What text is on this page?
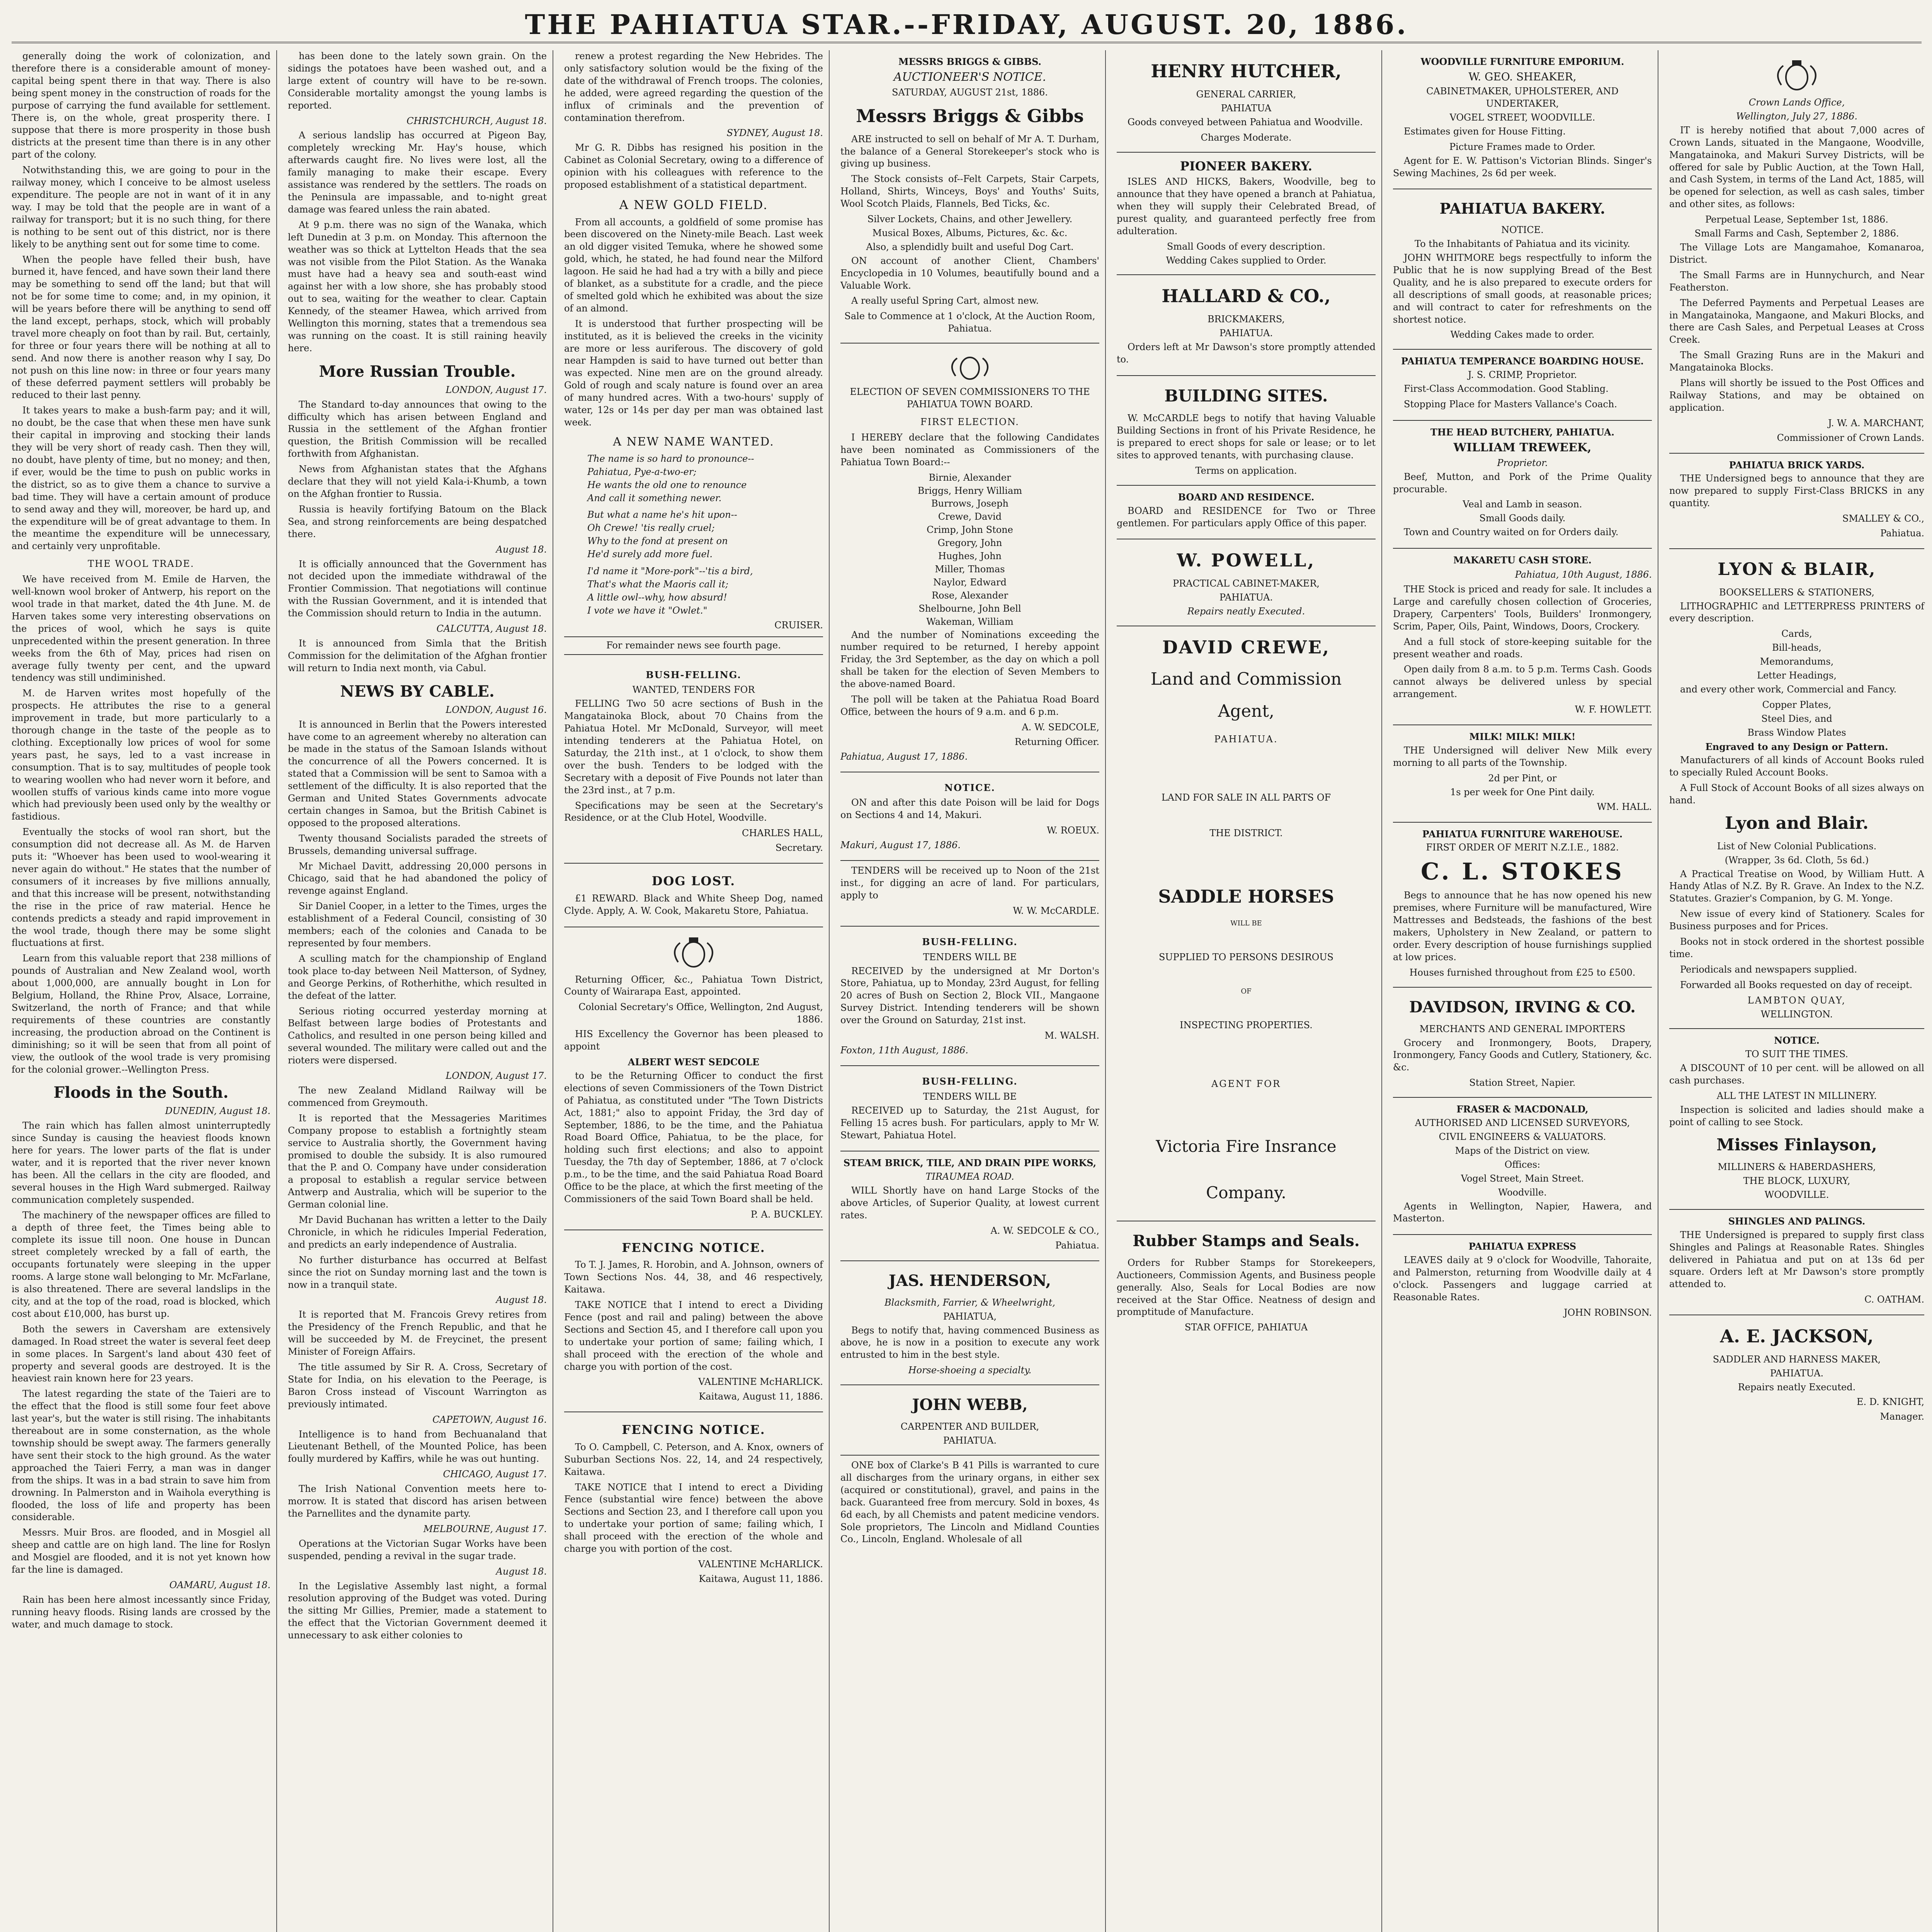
THE PAHIATUA STAR.--FRIDAY, AUGUST. 20, 1886.

generally doing the work of colonization, and therefore there is a considerable amount of money-capital being spent there in that way. There is also being spent money in the construction of roads for the purpose of carrying the fund available for settlement. There is, on the whole, great prosperity there. I suppose that there is more prosperity in those bush districts at the present time than there is in any other part of the colony.

Notwithstanding this, we are going to pour in the railway money, which I conceive to be almost useless expenditure. The people are not in want of it in any way. I may be told that the people are in want of a railway for transport; but it is no such thing, for there is nothing to be sent out of this district, nor is there likely to be anything sent out for some time to come.

When the people have felled their bush, have burned it, have fenced, and have sown their land there may be something to send off the land; but that will not be for some time to come; and, in my opinion, it will be years before there will be anything to send off the land except, perhaps, stock, which will probably travel more cheaply on foot than by rail. But, certainly, for three or four years there will be nothing at all to send. And now there is another reason why I say, Do not push on this line now: in three or four years many of these deferred payment settlers will probably be reduced to their last penny.

It takes years to make a bush-farm pay; and it will, no doubt, be the case that when these men have sunk their capital in improving and stocking their lands they will be very short of ready cash. Then they will, no doubt, have plenty of time, but no money; and then, if ever, would be the time to push on public works in the district, so as to give them a chance to survive a bad time. They will have a certain amount of produce to send away and they will, moreover, be hard up, and the expenditure will be of great advantage to them. In the meantime the expenditure will be unnecessary, and certainly very unprofitable.

THE WOOL TRADE.

We have received from M. Emile de Harven, the well-known wool broker of Antwerp, his report on the wool trade in that market, dated the 4th June. M. de Harven takes some very interesting observations on the prices of wool, which he says is quite unprecedented within the present generation. In three weeks from the 6th of May, prices had risen on average fully twenty per cent, and the upward tendency was still undiminished.

M. de Harven writes most hopefully of the prospects. He attributes the rise to a general improvement in trade, but more particularly to a thorough change in the taste of the people as to clothing. Exceptionally low prices of wool for some years past, he says, led to a vast increase in consumption. That is to say, multitudes of people took to wearing woollen who had never worn it before, and woollen stuffs of various kinds came into more vogue which had previously been used only by the wealthy or fastidious.

Eventually the stocks of wool ran short, but the consumption did not decrease all. As M. de Harven puts it: "Whoever has been used to wool-wearing it never again do without." He states that the number of consumers of it increases by five millions annually, and that this increase will be present, notwithstanding the rise in the price of raw material. Hence he contends predicts a steady and rapid improvement in the wool trade, though there may be some slight fluctuations at first.

Learn from this valuable report that 238 millions of pounds of Australian and New Zealand wool, worth about 1,000,000, are annually bought in Lon for Belgium, Holland, the Rhine Prov, Alsace, Lorraine, Switzerland, the north of France; and that while requirements of these countries are constantly increasing, the production abroad on the Continent is diminishing; so it will be seen that from all point of view, the outlook of the wool trade is very promising for the colonial grower.--Wellington Press.

Floods in the South.
DUNEDIN, August 18.

The rain which has fallen almost uninterruptedly since Sunday is causing the heaviest floods known here for years. The lower parts of the flat is under water, and it is reported that the river never known has been. All the cellars in the city are flooded, and several houses in the High Ward submerged. Railway communication completely suspended.

The machinery of the newspaper offices are filled to a depth of three feet, the Times being able to complete its issue till noon. One house in Duncan street completely wrecked by a fall of earth, the occupants fortunately were sleeping in the upper rooms. A large stone wall belonging to Mr. McFarlane, is also threatened. There are several landslips in the city, and at the top of the road, road is blocked, which cost about £10,000, has burst up.

Both the sewers in Caversham are extensively damaged. In Road street the water is several feet deep in some places. In Sargent's land about 430 feet of property and several goods are destroyed. It is the heaviest rain known here for 23 years.

The latest regarding the state of the Taieri are to the effect that the flood is still some four feet above last year's, but the water is still rising. The inhabitants thereabout are in some consternation, as the whole township should be swept away. The farmers generally have sent their stock to the high ground. As the water approached the Taieri Ferry, a man was in danger from the ships. It was in a bad strain to save him from drowning. In Palmerston and in Waihola everything is flooded, the loss of life and property has been considerable.

Messrs. Muir Bros. are flooded, and in Mosgiel all sheep and cattle are on high land. The line for Roslyn and Mosgiel are flooded, and it is not yet known how far the line is damaged.

OAMARU, August 18.

Rain has been here almost incessantly since Friday, running heavy floods. Rising lands are crossed by the water, and much damage to stock.

has been done to the lately sown grain. On the sidings the potatoes have been washed out, and a large extent of country will have to be re-sown. Considerable mortality amongst the young lambs is reported.

CHRISTCHURCH, August 18.

A serious landslip has occurred at Pigeon Bay, completely wrecking Mr. Hay's house, which afterwards caught fire. No lives were lost, all the family managing to make their escape. Every assistance was rendered by the settlers. The roads on the Peninsula are impassable, and to-night great damage was feared unless the rain abated.

At 9 p.m. there was no sign of the Wanaka, which left Dunedin at 3 p.m. on Monday. This afternoon the weather was so thick at Lyttelton Heads that the sea was not visible from the Pilot Station. As the Wanaka must have had a heavy sea and south-east wind against her with a low shore, she has probably stood out to sea, waiting for the weather to clear. Captain Kennedy, of the steamer Hawea, which arrived from Wellington this morning, states that a tremendous sea was running on the coast. It is still raining heavily here.

More Russian Trouble.
LONDON, August 17.

The Standard to-day announces that owing to the difficulty which has arisen between England and Russia in the settlement of the Afghan frontier question, the British Commission will be recalled forthwith from Afghanistan.

News from Afghanistan states that the Afghans declare that they will not yield Kala-i-Khumb, a town on the Afghan frontier to Russia.

Russia is heavily fortifying Batoum on the Black Sea, and strong reinforcements are being despatched there.

August 18.

It is officially announced that the Government has not decided upon the immediate withdrawal of the Frontier Commission. That negotiations will continue with the Russian Government, and it is intended that the Commission should return to India in the autumn.

CALCUTTA, August 18.

It is announced from Simla that the British Commission for the delimitation of the Afghan frontier will return to India next month, via Cabul.

NEWS BY CABLE.
LONDON, August 16.

It is announced in Berlin that the Powers interested have come to an agreement whereby no alteration can be made in the status of the Samoan Islands without the concurrence of all the Powers concerned. It is stated that a Commission will be sent to Samoa with a settlement of the difficulty. It is also reported that the German and United States Governments advocate certain changes in Samoa, but the British Cabinet is opposed to the proposed alterations.

Twenty thousand Socialists paraded the streets of Brussels, demanding universal suffrage.

Mr Michael Davitt, addressing 20,000 persons in Chicago, said that he had abandoned the policy of revenge against England.

Sir Daniel Cooper, in a letter to the Times, urges the establishment of a Federal Council, consisting of 30 members; each of the colonies and Canada to be represented by four members.

A sculling match for the championship of England took place to-day between Neil Matterson, of Sydney, and George Perkins, of Rotherhithe, which resulted in the defeat of the latter.

Serious rioting occurred yesterday morning at Belfast between large bodies of Protestants and Catholics, and resulted in one person being killed and several wounded. The military were called out and the rioters were dispersed.

LONDON, August 17.

The new Zealand Midland Railway will be commenced from Greymouth.

It is reported that the Messageries Maritimes Company propose to establish a fortnightly steam service to Australia shortly, the Government having promised to double the subsidy. It is also rumoured that the P. and O. Company have under consideration a proposal to establish a regular service between Antwerp and Australia, which will be superior to the German colonial line.

Mr David Buchanan has written a letter to the Daily Chronicle, in which he ridicules Imperial Federation, and predicts an early independence of Australia.

No further disturbance has occurred at Belfast since the riot on Sunday morning last and the town is now in a tranquil state.

August 18.

It is reported that M. Francois Grevy retires from the Presidency of the French Republic, and that he will be succeeded by M. de Freycinet, the present Minister of Foreign Affairs.

The title assumed by Sir R. A. Cross, Secretary of State for India, on his elevation to the Peerage, is Baron Cross instead of Viscount Warrington as previously intimated.

CAPETOWN, August 16.

Intelligence is to hand from Bechuanaland that Lieutenant Bethell, of the Mounted Police, has been foully murdered by Kaffirs, while he was out hunting.

CHICAGO, August 17.

The Irish National Convention meets here to-morrow. It is stated that discord has arisen between the Parnellites and the dynamite party.

MELBOURNE, August 17.

Operations at the Victorian Sugar Works have been suspended, pending a revival in the sugar trade.

August 18.

In the Legislative Assembly last night, a formal resolution approving of the Budget was voted. During the sitting Mr Gillies, Premier, made a statement to the effect that the Victorian Government deemed it unnecessary to ask either colonies to

renew a protest regarding the New Hebrides. The only satisfactory solution would be the fixing of the date of the withdrawal of French troops. The colonies, he added, were agreed regarding the question of the influx of criminals and the prevention of contamination therefrom.

SYDNEY, August 18.

Mr G. R. Dibbs has resigned his position in the Cabinet as Colonial Secretary, owing to a difference of opinion with his colleagues with reference to the proposed establishment of a statistical department.

A NEW GOLD FIELD.

From all accounts, a goldfield of some promise has been discovered on the Ninety-mile Beach. Last week an old digger visited Temuka, where he showed some gold, which, he stated, he had found near the Milford lagoon. He said he had had a try with a billy and piece of blanket, as a substitute for a cradle, and the piece of smelted gold which he exhibited was about the size of an almond.

It is understood that further prospecting will be instituted, as it is believed the creeks in the vicinity are more or less auriferous. The discovery of gold near Hampden is said to have turned out better than was expected. Nine men are on the ground already. Gold of rough and scaly nature is found over an area of many hundred acres. With a two-hours' supply of water, 12s or 14s per day per man was obtained last week.

A NEW NAME WANTED.
The name is so hard to pronounce--
Pahiatua, Pye-a-two-er;
He wants the old one to renounce
And call it something newer.
But what a name he's hit upon--
Oh Crewe! 'tis really cruel;
Why to the fond at present on
He'd surely add more fuel.
I'd name it "More-pork"--'tis a bird,
That's what the Maoris call it;
A little owl--why, how absurd!
I vote we have it "Owlet."
CRUISER.
For remainder news see fourth page.
BUSH-FELLING.
WANTED, TENDERS FOR

FELLING Two 50 acre sections of Bush in the Mangatainoka Block, about 70 Chains from the Pahiatua Hotel. Mr McDonald, Surveyor, will meet intending tenderers at the Pahiatua Hotel, on Saturday, the 21th inst., at 1 o'clock, to show them over the bush. Tenders to be lodged with the Secretary with a deposit of Five Pounds not later than the 23rd inst., at 7 p.m.

Specifications may be seen at the Secretary's Residence, or at the Club Hotel, Woodville.

CHARLES HALL,
Secretary.
DOG LOST.

£1 REWARD. Black and White Sheep Dog, named Clyde. Apply, A. W. Cook, Makaretu Store, Pahiatua.

Returning Officer, &c., Pahiatua Town District, County of Wairarapa East, appointed.

Colonial Secretary's Office, Wellington, 2nd August, 1886.

HIS Excellency the Governor has been pleased to appoint

ALBERT WEST SEDCOLE

to be the Returning Officer to conduct the first elections of seven Commissioners of the Town District of Pahiatua, as constituted under "The Town Districts Act, 1881;" also to appoint Friday, the 3rd day of September, 1886, to be the time, and the Pahiatua Road Board Office, Pahiatua, to be the place, for holding such first elections; and also to appoint Tuesday, the 7th day of September, 1886, at 7 o'clock p.m., to be the time, and the said Pahiatua Road Board Office to be the place, at which the first meeting of the Commissioners of the said Town Board shall be held.

P. A. BUCKLEY.
FENCING NOTICE.

To T. J. James, R. Horobin, and A. Johnson, owners of Town Sections Nos. 44, 38, and 46 respectively, Kaitawa.

TAKE NOTICE that I intend to erect a Dividing Fence (post and rail and paling) between the above Sections and Section 45, and I therefore call upon you to undertake your portion of same; failing which, I shall proceed with the erection of the whole and charge you with portion of the cost.

VALENTINE McHARLICK.
Kaitawa, August 11, 1886.
FENCING NOTICE.

To O. Campbell, C. Peterson, and A. Knox, owners of Suburban Sections Nos. 22, 14, and 24 respectively, Kaitawa.

TAKE NOTICE that I intend to erect a Dividing Fence (substantial wire fence) between the above Sections and Section 23, and I therefore call upon you to undertake your portion of same; failing which, I shall proceed with the erection of the whole and charge you with portion of the cost.

VALENTINE McHARLICK.
Kaitawa, August 11, 1886.
MESSRS BRIGGS & GIBBS.
AUCTIONEER'S NOTICE.
SATURDAY, AUGUST 21st, 1886.
Messrs Briggs & Gibbs

ARE instructed to sell on behalf of Mr A. T. Durham, the balance of a General Storekeeper's stock who is giving up business.

The Stock consists of--Felt Carpets, Stair Carpets, Holland, Shirts, Winceys, Boys' and Youths' Suits, Wool Scotch Plaids, Flannels, Bed Ticks, &c.

Silver Lockets, Chains, and other Jewellery.
Musical Boxes, Albums, Pictures, &c. &c.
Also, a splendidly built and useful Dog Cart.

ON account of another Client, Chambers' Encyclopedia in 10 Volumes, beautifully bound and a Valuable Work.

A really useful Spring Cart, almost new.

Sale to Commence at 1 o'clock, At the Auction Room, Pahiatua.
ELECTION OF SEVEN COMMISSIONERS TO THE PAHIATUA TOWN BOARD.
FIRST ELECTION.

I HEREBY declare that the following Candidates have been nominated as Commissioners of the Pahiatua Town Board:--

Birnie, Alexander
Briggs, Henry William
Burrows, Joseph
Crewe, David
Crimp, John Stone
Gregory, John
Hughes, John
Miller, Thomas
Naylor, Edward
Rose, Alexander
Shelbourne, John Bell
Wakeman, William

And the number of Nominations exceeding the number required to be returned, I hereby appoint Friday, the 3rd September, as the day on which a poll shall be taken for the election of Seven Members to the above-named Board.

The poll will be taken at the Pahiatua Road Board Office, between the hours of 9 a.m. and 6 p.m.

A. W. SEDCOLE,
Returning Officer.
Pahiatua, August 17, 1886.
NOTICE.

ON and after this date Poison will be laid for Dogs on Sections 4 and 14, Makuri.

W. ROEUX.
Makuri, August 17, 1886.

TENDERS will be received up to Noon of the 21st inst., for digging an acre of land. For particulars, apply to

W. W. McCARDLE.
BUSH-FELLING.
TENDERS WILL BE

RECEIVED by the undersigned at Mr Dorton's Store, Pahiatua, up to Monday, 23rd August, for felling 20 acres of Bush on Section 2, Block VII., Mangaone Survey District. Intending tenderers will be shown over the Ground on Saturday, 21st inst.

M. WALSH.
Foxton, 11th August, 1886.
BUSH-FELLING.
TENDERS WILL BE

RECEIVED up to Saturday, the 21st August, for Felling 15 acres bush. For particulars, apply to Mr W. Stewart, Pahiatua Hotel.

STEAM BRICK, TILE, AND DRAIN PIPE WORKS,
TIRAUMEA ROAD.

WILL Shortly have on hand Large Stocks of the above Articles, of Superior Quality, at lowest current rates.

A. W. SEDCOLE & CO.,
Pahiatua.
JAS. HENDERSON,
Blacksmith, Farrier, & Wheelwright,
PAHIATUA,

Begs to notify that, having commenced Business as above, he is now in a position to execute any work entrusted to him in the best style.

Horse-shoeing a specialty.
JOHN WEBB,
CARPENTER AND BUILDER,
PAHIATUA.

ONE box of Clarke's B 41 Pills is warranted to cure all discharges from the urinary organs, in either sex (acquired or constitutional), gravel, and pains in the back. Guaranteed free from mercury. Sold in boxes, 4s 6d each, by all Chemists and patent medicine vendors. Sole proprietors, The Lincoln and Midland Counties Co., Lincoln, England. Wholesale of all

HENRY HUTCHER,
GENERAL CARRIER,
PAHIATUA

Goods conveyed between Pahiatua and Woodville.

Charges Moderate.
PIONEER BAKERY.

ISLES AND HICKS, Bakers, Woodville, beg to announce that they have opened a branch at Pahiatua, when they will supply their Celebrated Bread, of purest quality, and guaranteed perfectly free from adulteration.

Small Goods of every description.
Wedding Cakes supplied to Order.
HALLARD & CO.,
BRICKMAKERS,
PAHIATUA.

Orders left at Mr Dawson's store promptly attended to.

BUILDING SITES.

W. McCARDLE begs to notify that having Valuable Building Sections in front of his Private Residence, he is prepared to erect shops for sale or lease; or to let sites to approved tenants, with purchasing clause.

Terms on application.
BOARD AND RESIDENCE.

BOARD and RESIDENCE for Two or Three gentlemen. For particulars apply Office of this paper.

W. POWELL,
PRACTICAL CABINET-MAKER,
PAHIATUA.
Repairs neatly Executed.
DAVID CREWE,
Land and Commission
Agent,
PAHIATUA.
LAND FOR SALE IN ALL PARTS OF
THE DISTRICT.
SADDLE HORSES
WILL BE
SUPPLIED TO PERSONS DESIROUS
OF
INSPECTING PROPERTIES.
AGENT FOR
Victoria Fire Insrance
Company.
Rubber Stamps and Seals.

Orders for Rubber Stamps for Storekeepers, Auctioneers, Commission Agents, and Business people generally. Also, Seals for Local Bodies are now received at the Star Office. Neatness of design and promptitude of Manufacture.

STAR OFFICE, PAHIATUA
WOODVILLE FURNITURE EMPORIUM.
W. GEO. SHEAKER,
CABINETMAKER, UPHOLSTERER, AND UNDERTAKER,
VOGEL STREET, WOODVILLE.

Estimates given for House Fitting.

Picture Frames made to Order.

Agent for E. W. Pattison's Victorian Blinds. Singer's Sewing Machines, 2s 6d per week.

PAHIATUA BAKERY.
NOTICE.
To the Inhabitants of Pahiatua and its vicinity.

JOHN WHITMORE begs respectfully to inform the Public that he is now supplying Bread of the Best Quality, and he is also prepared to execute orders for all descriptions of small goods, at reasonable prices; and will contract to cater for refreshments on the shortest notice.

Wedding Cakes made to order.
PAHIATUA TEMPERANCE BOARDING HOUSE.
J. S. CRIMP, Proprietor.

First-Class Accommodation. Good Stabling.

Stopping Place for Masters Vallance's Coach.

THE HEAD BUTCHERY, PAHIATUA.
WILLIAM TREWEEK,
Proprietor.

Beef, Mutton, and Pork of the Prime Quality procurable.

Veal and Lamb in season.
Small Goods daily.

Town and Country waited on for Orders daily.

MAKARETU CASH STORE.
Pahiatua, 10th August, 1886.

THE Stock is priced and ready for sale. It includes a Large and carefully chosen collection of Groceries, Drapery, Carpenters' Tools, Builders' Ironmongery, Scrim, Paper, Oils, Paint, Windows, Doors, Crockery.

And a full stock of store-keeping suitable for the present weather and roads.

Open daily from 8 a.m. to 5 p.m. Terms Cash. Goods cannot always be delivered unless by special arrangement.

W. F. HOWLETT.
MILK! MILK! MILK!

THE Undersigned will deliver New Milk every morning to all parts of the Township.

2d per Pint, or
1s per week for One Pint daily.
WM. HALL.
PAHIATUA FURNITURE WAREHOUSE.
FIRST ORDER OF MERIT N.Z.I.E., 1882.
C. L. STOKES

Begs to announce that he has now opened his new premises, where Furniture will be manufactured, Wire Mattresses and Bedsteads, the fashions of the best makers, Upholstery in New Zealand, or pattern to order. Every description of house furnishings supplied at low prices.

Houses furnished throughout from £25 to £500.
DAVIDSON, IRVING & CO.
MERCHANTS AND GENERAL IMPORTERS

Grocery and Ironmongery, Boots, Drapery, Ironmongery, Fancy Goods and Cutlery, Stationery, &c. &c.

Station Street, Napier.
FRASER & MACDONALD,
AUTHORISED AND LICENSED SURVEYORS,
CIVIL ENGINEERS & VALUATORS.
Maps of the District on view.
Offices:
Vogel Street, Main Street.
Woodville.

Agents in Wellington, Napier, Hawera, and Masterton.

PAHIATUA EXPRESS

LEAVES daily at 9 o'clock for Woodville, Tahoraite, and Palmerston, returning from Woodville daily at 4 o'clock. Passengers and luggage carried at Reasonable Rates.

JOHN ROBINSON.
Crown Lands Office,
Wellington, July 27, 1886.

IT is hereby notified that about 7,000 acres of Crown Lands, situated in the Mangaone, Woodville, Mangatainoka, and Makuri Survey Districts, will be offered for sale by Public Auction, at the Town Hall, and Cash System, in terms of the Land Act, 1885, will be opened for selection, as well as cash sales, timber and other sites, as follows:

Perpetual Lease, September 1st, 1886.
Small Farms and Cash, September 2, 1886.

The Village Lots are Mangamahoe, Komanaroa, District.

The Small Farms are in Hunnychurch, and Near Featherston.

The Deferred Payments and Perpetual Leases are in Mangatainoka, Mangaone, and Makuri Blocks, and there are Cash Sales, and Perpetual Leases at Cross Creek.

The Small Grazing Runs are in the Makuri and Mangatainoka Blocks.

Plans will shortly be issued to the Post Offices and Railway Stations, and may be obtained on application.

J. W. A. MARCHANT,
Commissioner of Crown Lands.
PAHIATUA BRICK YARDS.

THE Undersigned begs to announce that they are now prepared to supply First-Class BRICKS in any quantity.

SMALLEY & CO.,
Pahiatua.
LYON & BLAIR,
BOOKSELLERS & STATIONERS,

LITHOGRAPHIC and LETTERPRESS PRINTERS of every description.

Cards,
Bill-heads,
Memorandums,
Letter Headings,

and every other work, Commercial and Fancy.

Copper Plates,
Steel Dies, and
Brass Window Plates
Engraved to any Design or Pattern.

Manufacturers of all kinds of Account Books ruled to specially Ruled Account Books.

A Full Stock of Account Books of all sizes always on hand.

Lyon and Blair.
List of New Colonial Publications.
(Wrapper, 3s 6d. Cloth, 5s 6d.)

A Practical Treatise on Wood, by William Hutt. A Handy Atlas of N.Z. By R. Grave. An Index to the N.Z. Statutes. Grazier's Companion, by G. M. Yonge.

New issue of every kind of Stationery. Scales for Business purposes and for Prices.

Books not in stock ordered in the shortest possible time.

Periodicals and newspapers supplied.

Forwarded all Books requested on day of receipt.

LAMBTON QUAY,
WELLINGTON.
NOTICE.
TO SUIT THE TIMES.

A DISCOUNT of 10 per cent. will be allowed on all cash purchases.

ALL THE LATEST IN MILLINERY.

Inspection is solicited and ladies should make a point of calling to see Stock.

Misses Finlayson,
MILLINERS & HABERDASHERS,
THE BLOCK, LUXURY,
WOODVILLE.
SHINGLES AND PALINGS.

THE Undersigned is prepared to supply first class Shingles and Palings at Reasonable Rates. Shingles delivered in Pahiatua and put on at 13s 6d per square. Orders left at Mr Dawson's store promptly attended to.

C. OATHAM.
A. E. JACKSON,
SADDLER AND HARNESS MAKER,
PAHIATUA.
Repairs neatly Executed.
E. D. KNIGHT,
Manager.
